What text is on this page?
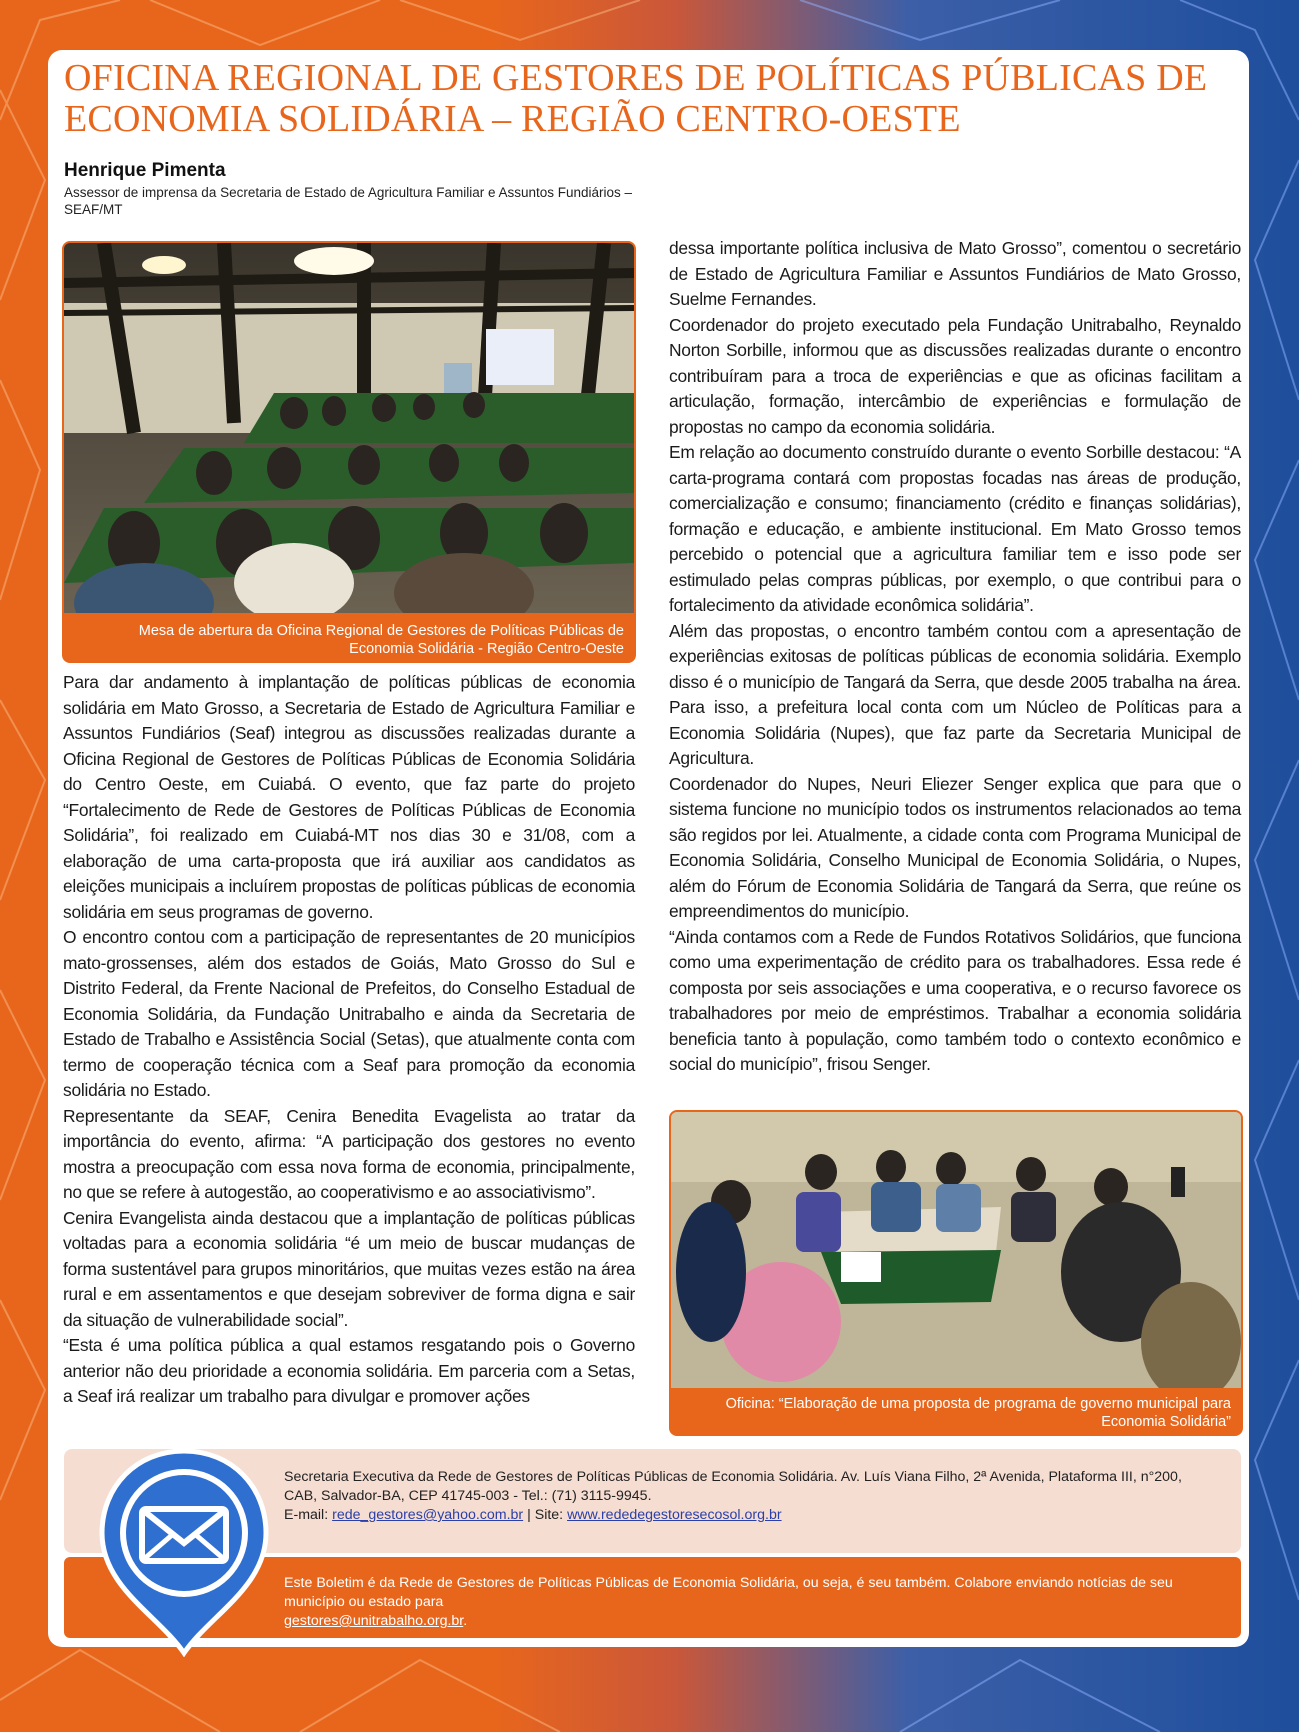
OFICINA REGIONAL DE GESTORES DE POLÍTICAS PÚBLICAS DE ECONOMIA SOLIDÁRIA – REGIÃO CENTRO-OESTE
Henrique Pimenta
Assessor de imprensa da Secretaria de Estado de Agricultura Familiar e Assuntos Fundiários – SEAF/MT
Mesa de abertura da Oficina Regional de Gestores de Políticas Públicas de Economia Solidária - Região Centro-Oeste

Para dar andamento à implantação de políticas públicas de economia solidária em Mato Grosso, a Secretaria de Estado de Agricultura Familiar e Assuntos Fundiários (Seaf) integrou as discussões realizadas durante a Oficina Regional de Gestores de Políticas Públicas de Economia Solidária do Centro Oeste, em Cuiabá. O evento, que faz parte do projeto “Fortalecimento de Rede de Gestores de Políticas Públicas de Economia Solidária”, foi realizado em Cuiabá-MT nos dias 30 e 31/08, com a elaboração de uma carta-proposta que irá auxiliar aos candidatos as eleições municipais a incluírem propostas de políticas públicas de economia solidária em seus programas de governo.

O encontro contou com a participação de representantes de 20 municípios mato-grossenses, além dos estados de Goiás, Mato Grosso do Sul e Distrito Federal, da Frente Nacional de Prefeitos, do Conselho Estadual de Economia Solidária, da Fundação Unitrabalho e ainda da Secretaria de Estado de Trabalho e Assistência Social (Setas), que atualmente conta com termo de cooperação técnica com a Seaf para promoção da economia solidária no Estado.

Representante da SEAF, Cenira Benedita Evagelista ao tratar da importância do evento, afirma: “A participação dos gestores no evento mostra a preocupação com essa nova forma de economia, principalmente, no que se refere à autogestão, ao cooperativismo e ao associativismo”.

Cenira Evangelista ainda destacou que a implantação de políticas públicas voltadas para a economia solidária “é um meio de buscar mudanças de forma sustentável para grupos minoritários, que muitas vezes estão na área rural e em assentamentos e que desejam sobreviver de forma digna e sair da situação de vulnerabilidade social”.

“Esta é uma política pública a qual estamos resgatando pois o Governo anterior não deu prioridade a economia solidária. Em parceria com a Setas, a Seaf irá realizar um trabalho para divulgar e promover ações

dessa importante política inclusiva de Mato Grosso”, comentou o secretário de Estado de Agricultura Familiar e Assuntos Fundiários de Mato Grosso, Suelme Fernandes.

Coordenador do projeto executado pela Fundação Unitrabalho, Reynaldo Norton Sorbille, informou que as discussões realizadas durante o encontro contribuíram para a troca de experiências e que as oficinas facilitam a articulação, formação, intercâmbio de experiências e formulação de propostas no campo da economia solidária.

Em relação ao documento construído durante o evento Sorbille destacou: “A carta-programa contará com propostas focadas nas áreas de produção, comercialização e consumo; financiamento (crédito e finanças solidárias), formação e educação, e ambiente institucional. Em Mato Grosso temos percebido o potencial que a agricultura familiar tem e isso pode ser estimulado pelas compras públicas, por exemplo, o que contribui para o fortalecimento da atividade econômica solidária”.

Além das propostas, o encontro também contou com a apresentação de experiências exitosas de políticas públicas de economia solidária. Exemplo disso é o município de Tangará da Serra, que desde 2005 trabalha na área. Para isso, a prefeitura local conta com um Núcleo de Políticas para a Economia Solidária (Nupes), que faz parte da Secretaria Municipal de Agricultura.

Coordenador do Nupes, Neuri Eliezer Senger explica que para que o sistema funcione no município todos os instrumentos relacionados ao tema são regidos por lei. Atualmente, a cidade conta com Programa Municipal de Economia Solidária, Conselho Municipal de Economia Solidária, o Nupes, além do Fórum de Economia Solidária de Tangará da Serra, que reúne os empreendimentos do município.

“Ainda contamos com a Rede de Fundos Rotativos Solidários, que funciona como uma experimentação de crédito para os trabalhadores. Essa rede é composta por seis associações e uma cooperativa, e o recurso favorece os trabalhadores por meio de empréstimos. Trabalhar a economia solidária beneficia tanto à população, como também todo o contexto econômico e social do município”, frisou Senger.

Oficina: “Elaboração de uma proposta de programa de governo municipal para Economia Solidária”
Secretaria Executiva da Rede de Gestores de Políticas Públicas de Economia Solidária. Av. Luís Viana Filho, 2ª Avenida, Plataforma III, n°200,
CAB, Salvador-BA, CEP 41745-003 - Tel.: (71) 3115-9945.
E-mail: rede_gestores@yahoo.com.br | Site: www.rededegestoresecosol.org.br
Este Boletim é da Rede de Gestores de Políticas Públicas de Economia Solidária, ou seja, é seu também. Colabore enviando notícias de seu município ou estado para
gestores@unitrabalho.org.br.
